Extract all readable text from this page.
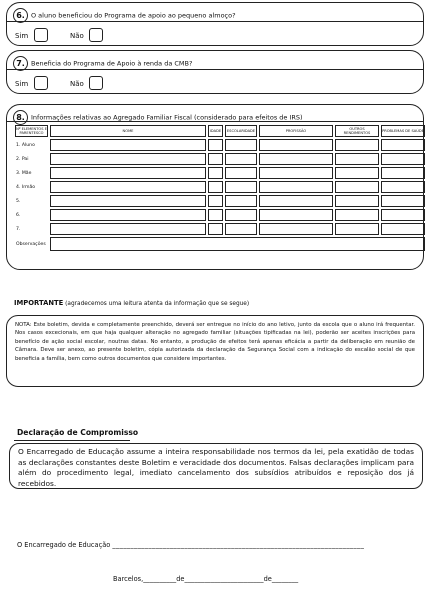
6. O aluno beneficiou do Programa de apoio ao pequeno almoço?
Sim	Não
7. Beneficia do Programa de Apoio à renda da CMB?
Sim	Não
8. Informações relativas ao Agregado Familiar Fiscal (considerado para efeitos de IRS)
Nº ELEMENTOS E PARENTESCO	NOME	IDADE	ESCOLARIDADE	PROFISSÃO	OUTROS RENDIMENTOS	PROBLEMAS DE SAÚDE
1. Aluno						
2. Pai						
3. Mãe						
4. Irmão						
5.						
6.						
7.						
Observações						
IMPORTANTE (agradecemos uma leitura atenta da informação que se segue)
NOTA: Este boletim, devida e completamente preenchido, deverá ser entregue no início do ano letivo, junto da escola que o aluno irá frequentar. Nos casos excecionais, em que haja qualquer alteração no agregado familiar (situações tipificadas na lei), poderão ser aceites inscrições para benefício de ação social escolar, noutras datas. No entanto, a produção de efeitos terá apenas eficácia a partir da deliberação em reunião de Câmara. Deve ser anexo, ao presente boletim, cópia autorizada da declaração da Segurança Social com a indicação do escalão social de que beneficia a família, bem como outros documentos que considere importantes.
Declaração de Compromisso
O Encarregado de Educação assume a inteira responsabilidade nos termos da lei, pela exatidão de todas as declarações constantes deste Boletim e veracidade dos documentos. Falsas declarações implicam para além do procedimento legal, imediato cancelamento dos subsídios atribuídos e reposição dos já recebidos.
O Encarregado de Educação ______________________________________________________________________
Barcelos,__________de________________________de________
